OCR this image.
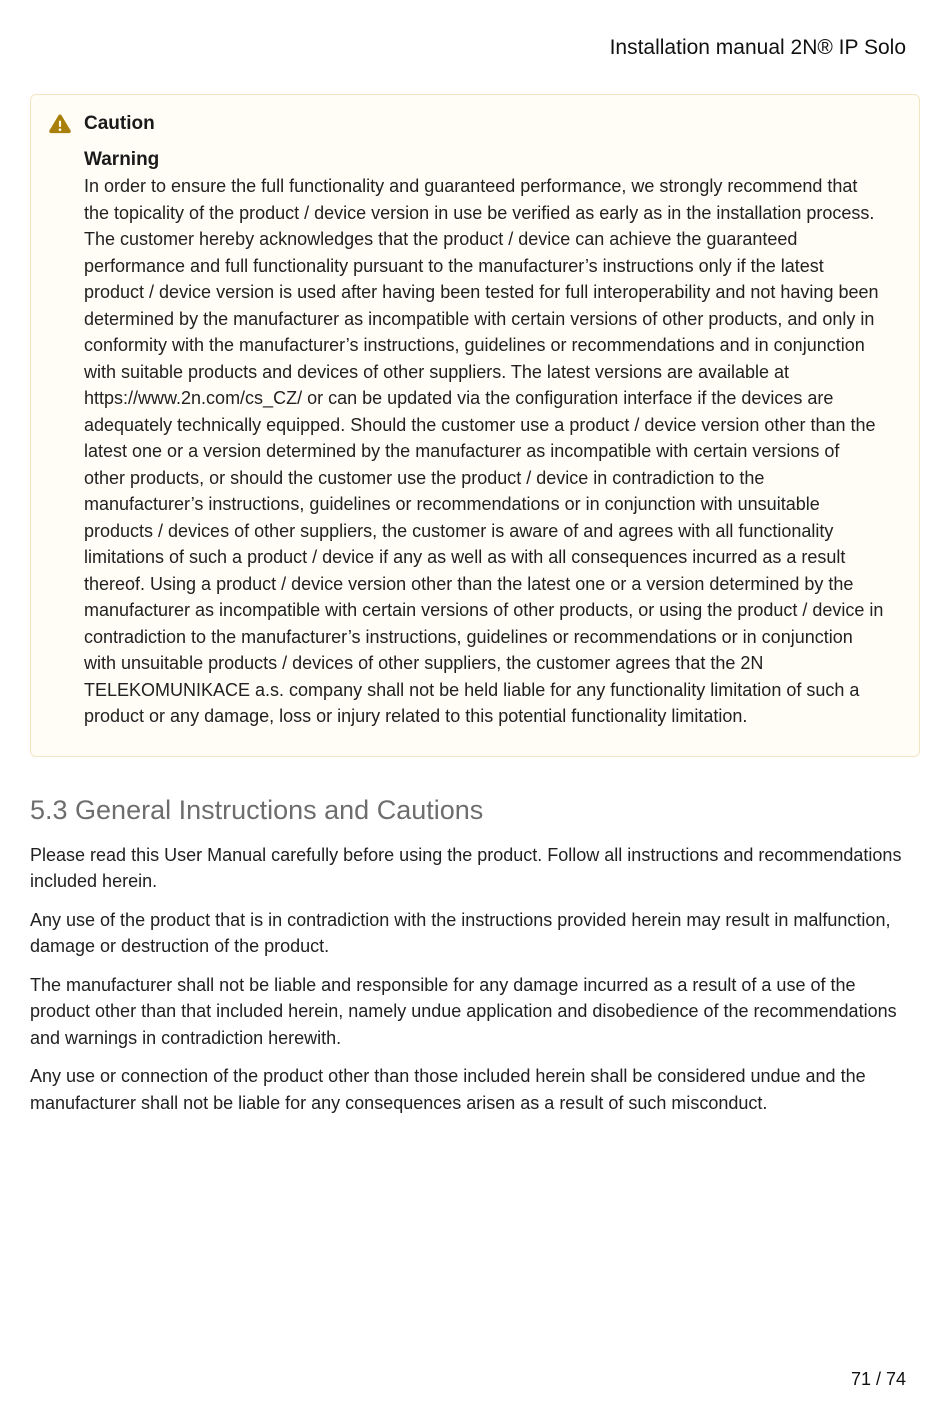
Installation manual 2N® IP Solo
Caution
Warning
In order to ensure the full functionality and guaranteed performance, we strongly recommend that the topicality of the product / device version in use be verified as early as in the installation process. The customer hereby acknowledges that the product / device can achieve the guaranteed performance and full functionality pursuant to the manufacturer’s instructions only if the latest product / device version is used after having been tested for full interoperability and not having been determined by the manufacturer as incompatible with certain versions of other products, and only in conformity with the manufacturer’s instructions, guidelines or recommendations and in conjunction with suitable products and devices of other suppliers. The latest versions are available at https://www.2n.com/cs_CZ/ or can be updated via the configuration interface if the devices are adequately technically equipped. Should the customer use a product / device version other than the latest one or a version determined by the manufacturer as incompatible with certain versions of other products, or should the customer use the product / device in contradiction to the manufacturer’s instructions, guidelines or recommendations or in conjunction with unsuitable products / devices of other suppliers, the customer is aware of and agrees with all functionality limitations of such a product / device if any as well as with all consequences incurred as a result thereof. Using a product / device version other than the latest one or a version determined by the manufacturer as incompatible with certain versions of other products, or using the product / device in contradiction to the manufacturer’s instructions, guidelines or recommendations or in conjunction with unsuitable products / devices of other suppliers, the customer agrees that the 2N TELEKOMUNIKACE a.s. company shall not be held liable for any functionality limitation of such a product or any damage, loss or injury related to this potential functionality limitation.
5.3 General Instructions and Cautions

Please read this User Manual carefully before using the product. Follow all instructions and recommendations included herein.

Any use of the product that is in contradiction with the instructions provided herein may result in malfunction, damage or destruction of the product.

The manufacturer shall not be liable and responsible for any damage incurred as a result of a use of the product other than that included herein, namely undue application and disobedience of the recommendations and warnings in contradiction herewith.

Any use or connection of the product other than those included herein shall be considered undue and the manufacturer shall not be liable for any consequences arisen as a result of such misconduct.

71 / 74
